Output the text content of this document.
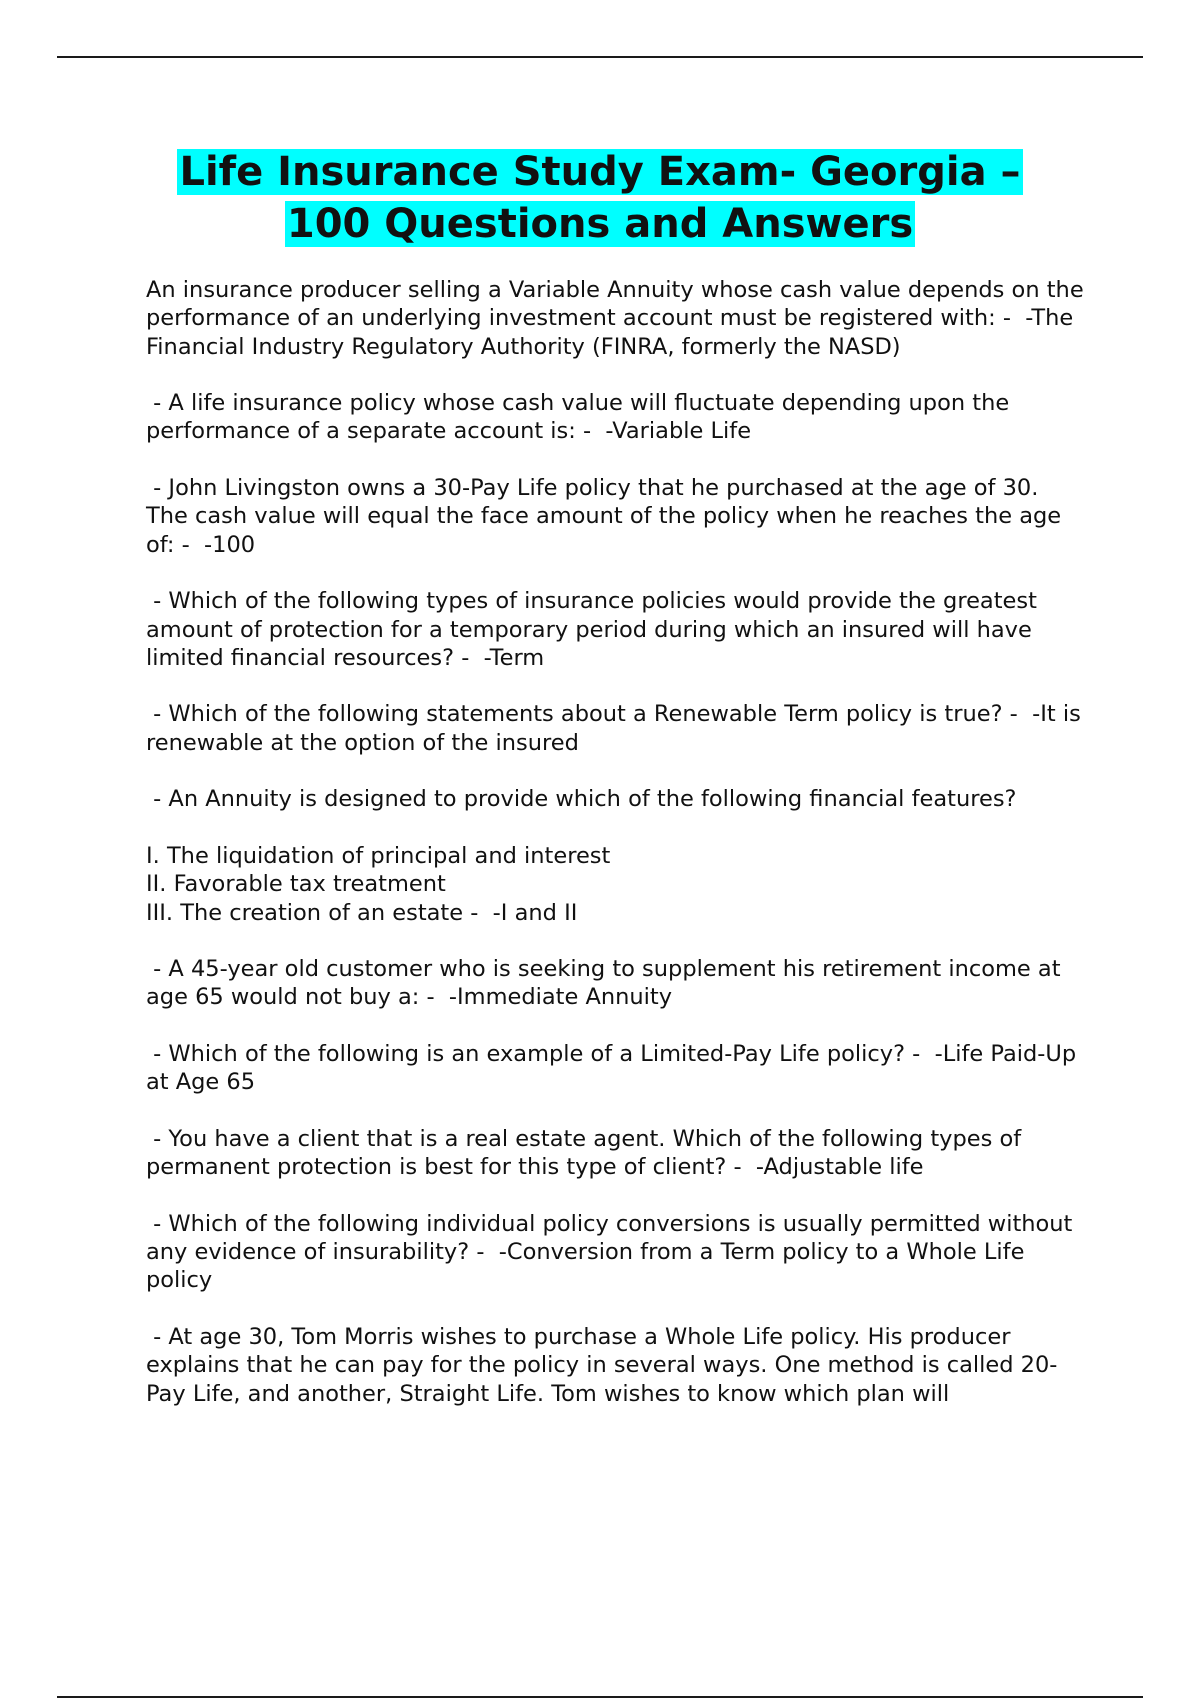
Life Insurance Study Exam- Georgia –
100 Questions and Answers

An insurance producer selling a Variable Annuity whose cash value depends on the performance of an underlying investment account must be registered with: -  -The Financial Industry Regulatory Authority (FINRA, formerly the NASD)

- A life insurance policy whose cash value will fluctuate depending upon the performance of a separate account is: -  -Variable Life

- John Livingston owns a 30-Pay Life policy that he purchased at the age of 30. The cash value will equal the face amount of the policy when he reaches the age of: -  -100

- Which of the following types of insurance policies would provide the greatest amount of protection for a temporary period during which an insured will have limited financial resources? -  -Term

- Which of the following statements about a Renewable Term policy is true? -  -It is renewable at the option of the insured

- An Annuity is designed to provide which of the following financial features?

I. The liquidation of principal and interest
II. Favorable tax treatment
III. The creation of an estate -  -I and II

- A 45-year old customer who is seeking to supplement his retirement income at age 65 would not buy a: -  -Immediate Annuity

- Which of the following is an example of a Limited-Pay Life policy? -  -Life Paid-Up at Age 65

- You have a client that is a real estate agent. Which of the following types of permanent protection is best for this type of client? -  -Adjustable life

- Which of the following individual policy conversions is usually permitted without any evidence of insurability? -  -Conversion from a Term policy to a Whole Life policy

- At age 30, Tom Morris wishes to purchase a Whole Life policy. His producer explains that he can pay for the policy in several ways. One method is called 20-Pay Life, and another, Straight Life. Tom wishes to know which plan will
